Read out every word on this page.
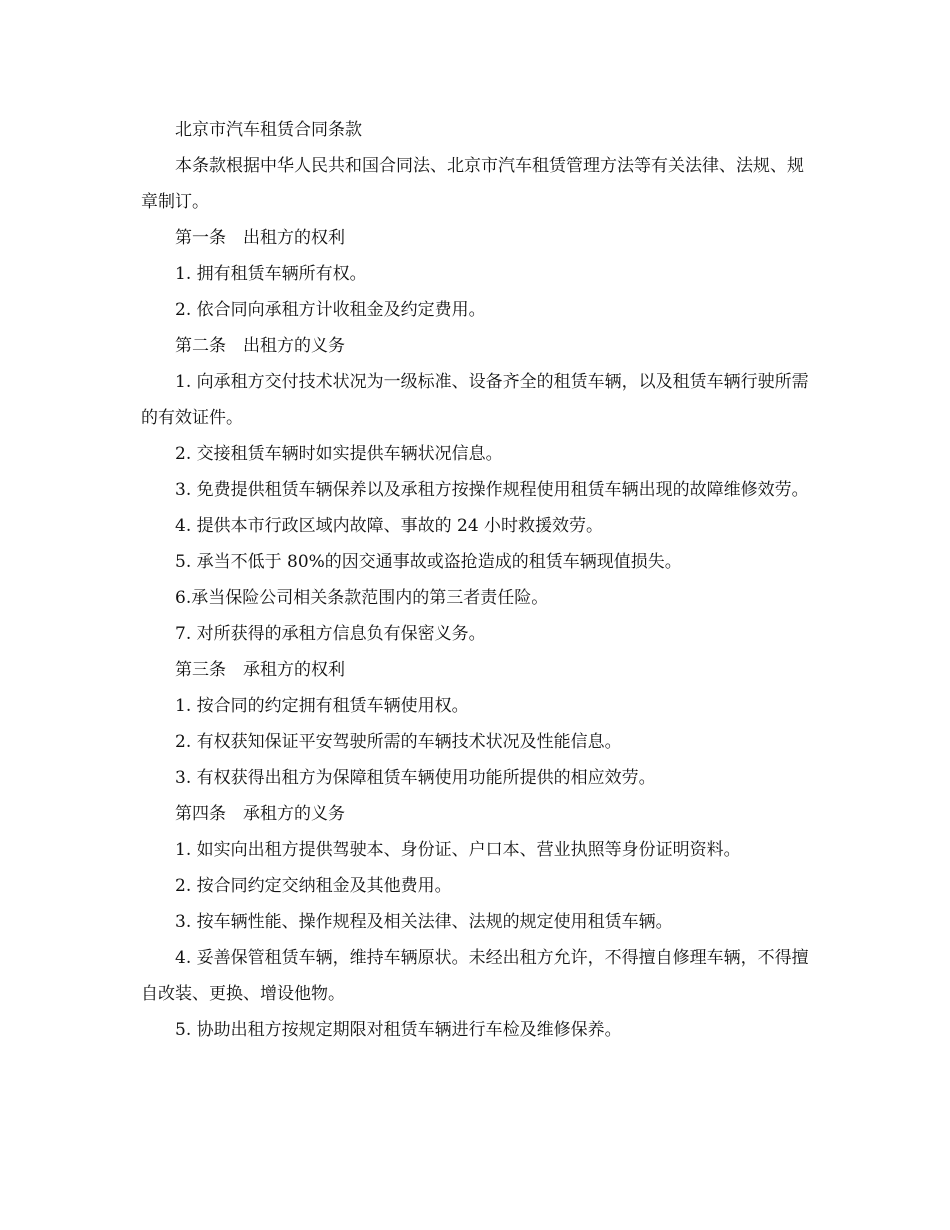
北京市汽车租赁合同条款

本条款根据中华人民共和国合同法、北京市汽车租赁管理方法等有关法律、法规、规章制订。

第一条　出租方的权利

1. 拥有租赁车辆所有权。

2. 依合同向承租方计收租金及约定费用。

第二条　出租方的义务

1. 向承租方交付技术状况为一级标准、设备齐全的租赁车辆，以及租赁车辆行驶所需的有效证件。

2. 交接租赁车辆时如实提供车辆状况信息。

3. 免费提供租赁车辆保养以及承租方按操作规程使用租赁车辆出现的故障维修效劳。

4. 提供本市行政区域内故障、事故的 24 小时救援效劳。

5. 承当不低于 80%的因交通事故或盗抢造成的租赁车辆现值损失。

6.承当保险公司相关条款范围内的第三者责任险。

7. 对所获得的承租方信息负有保密义务。

第三条　承租方的权利

1. 按合同的约定拥有租赁车辆使用权。

2. 有权获知保证平安驾驶所需的车辆技术状况及性能信息。

3. 有权获得出租方为保障租赁车辆使用功能所提供的相应效劳。

第四条　承租方的义务

1. 如实向出租方提供驾驶本、身份证、户口本、营业执照等身份证明资料。

2. 按合同约定交纳租金及其他费用。

3. 按车辆性能、操作规程及相关法律、法规的规定使用租赁车辆。

4. 妥善保管租赁车辆，维持车辆原状。未经出租方允许，不得擅自修理车辆，不得擅自改装、更换、增设他物。

5. 协助出租方按规定期限对租赁车辆进行车检及维修保养。
